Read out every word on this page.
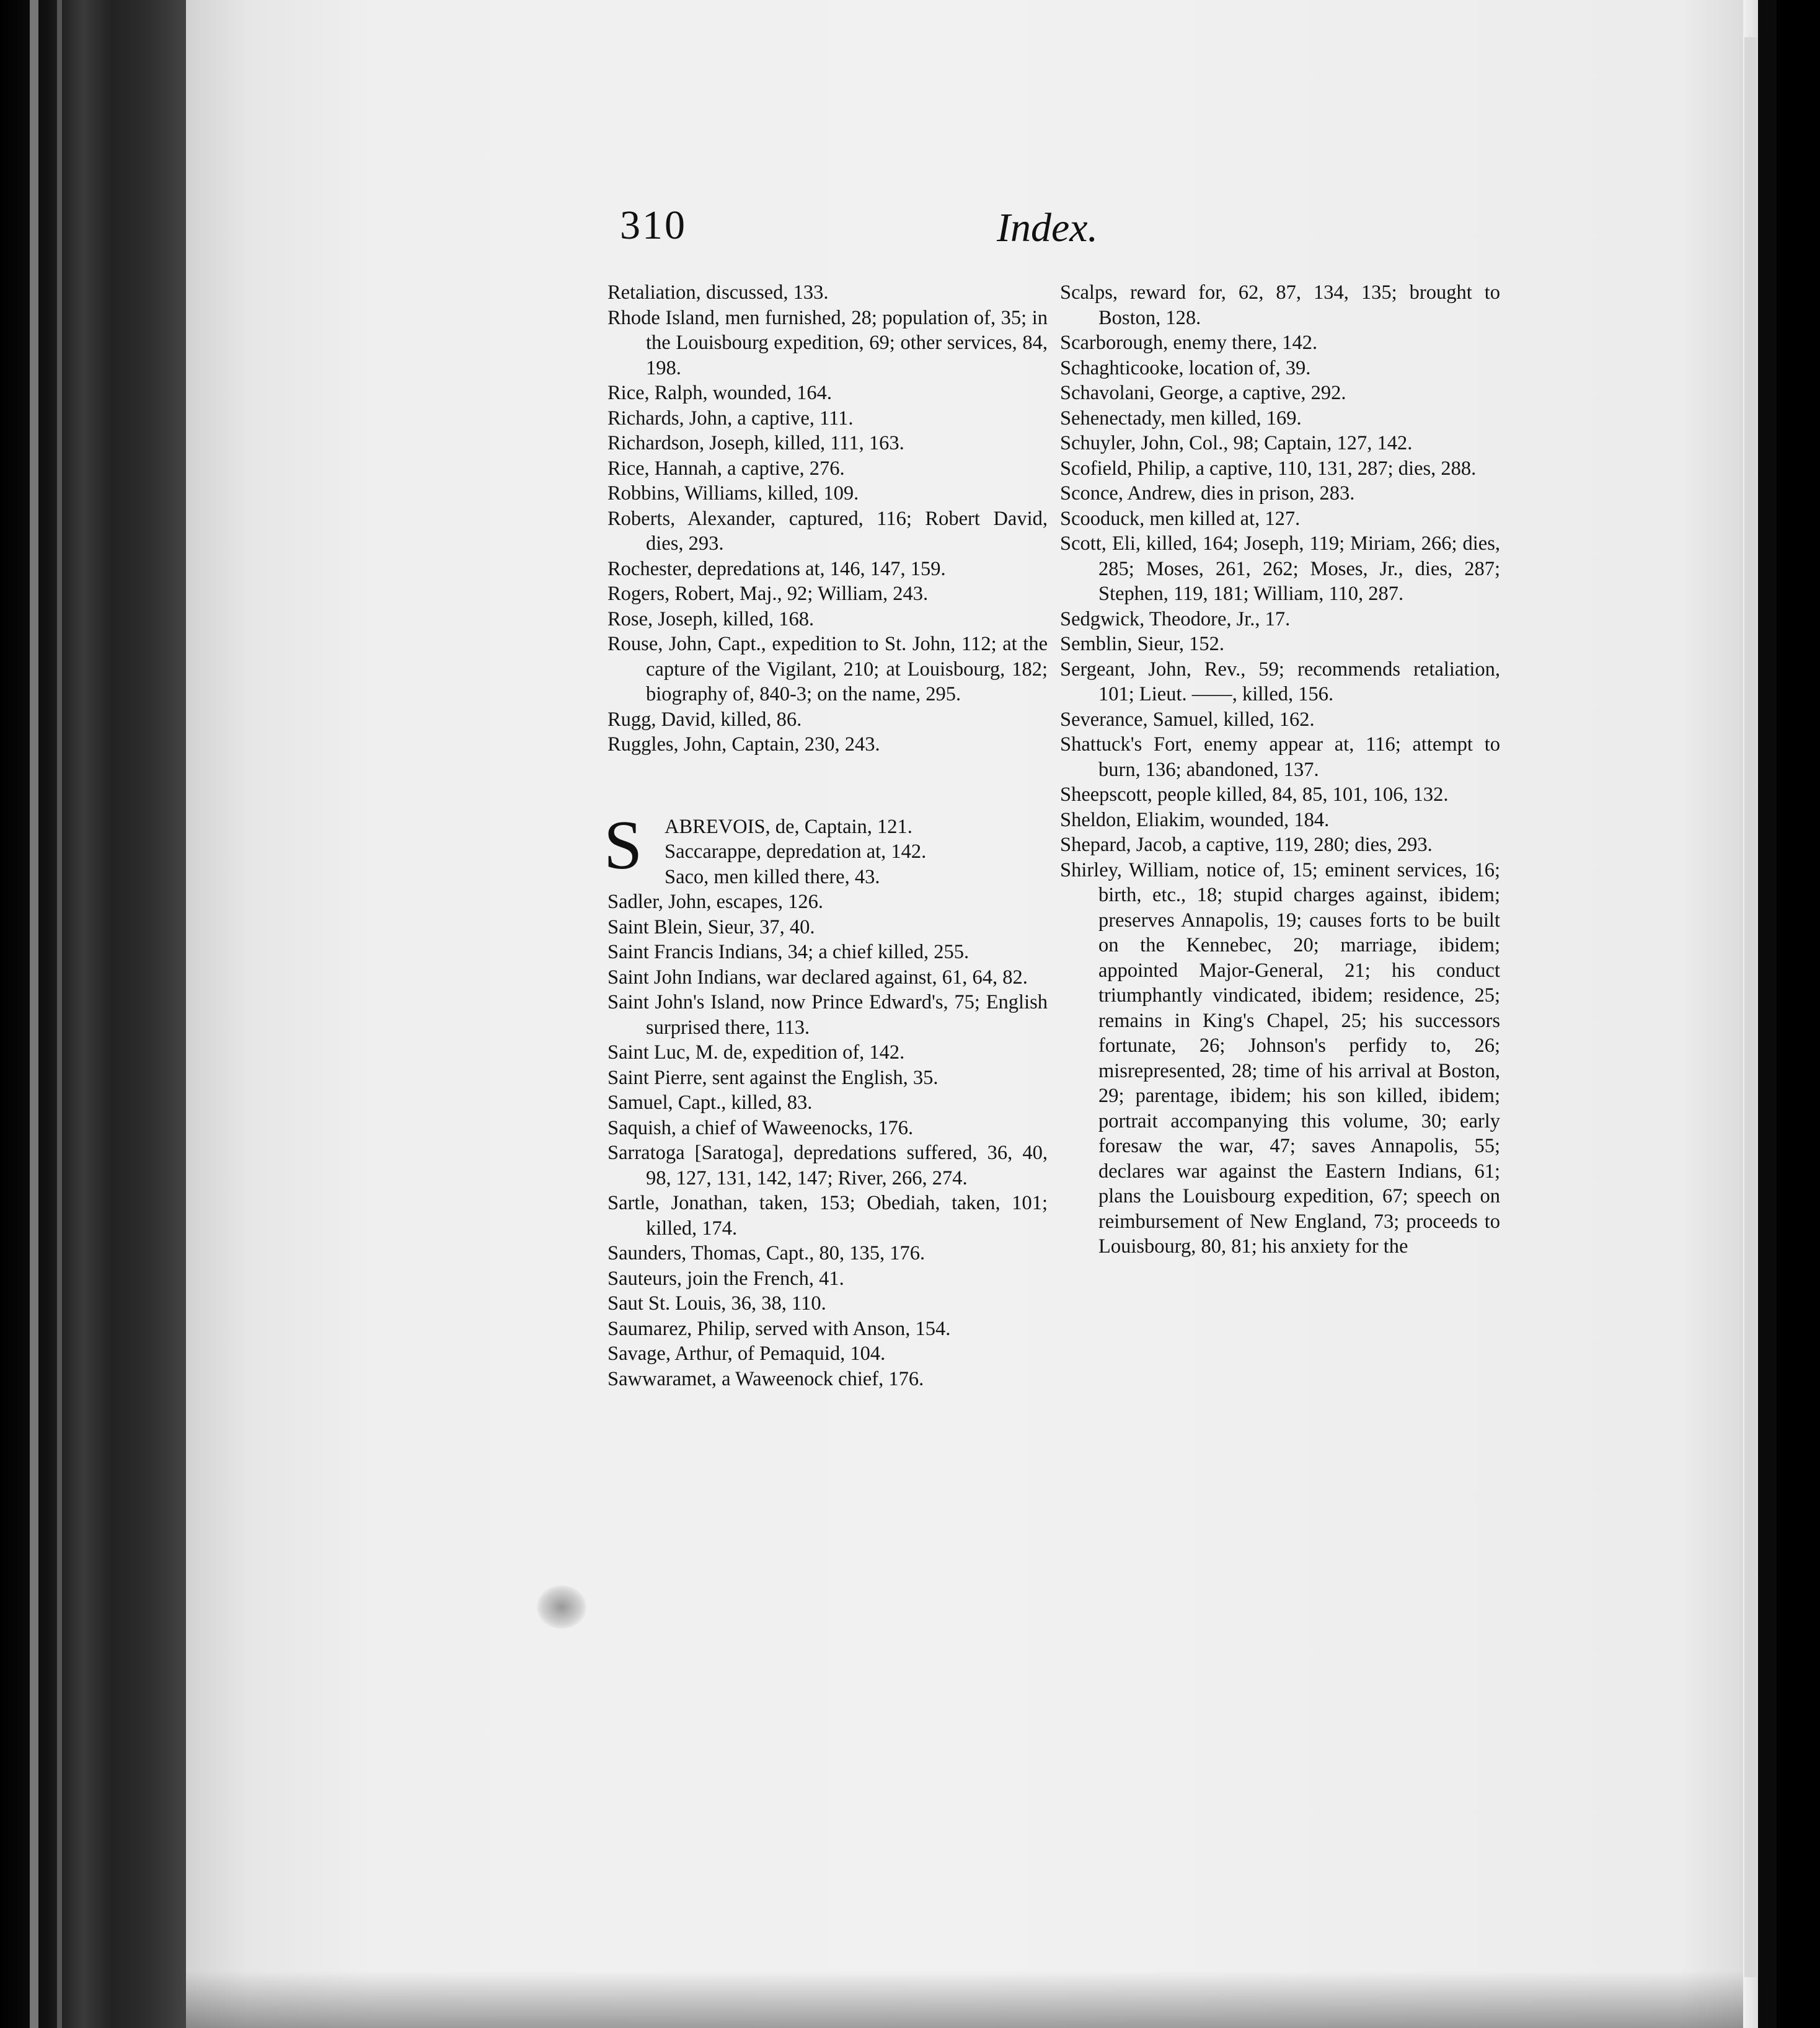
310	Index.

Retaliation, discussed, 133.

Rhode Island, men furnished, 28; population of, 35; in the Louisbourg expedition, 69; other services, 84, 198.

Rice, Ralph, wounded, 164.

Richards, John, a captive, 111.

Richardson, Joseph, killed, 111, 163.

Rice, Hannah, a captive, 276.

Robbins, Williams, killed, 109.

Roberts, Alexander, captured, 116; Robert David, dies, 293.

Rochester, depredations at, 146, 147, 159.

Rogers, Robert, Maj., 92; William, 243.

Rose, Joseph, killed, 168.

Rouse, John, Capt., expedition to St. John, 112; at the capture of the Vigilant, 210; at Louisbourg, 182; biography of, 840-3; on the name, 295.

Rugg, David, killed, 86.

Ruggles, John, Captain, 230, 243.

S ABREVOIS, de, Captain, 121.

Saccarappe, depredation at, 142.

Saco, men killed there, 43.

Sadler, John, escapes, 126.

Saint Blein, Sieur, 37, 40.

Saint Francis Indians, 34; a chief killed, 255.

Saint John Indians, war declared against, 61, 64, 82.

Saint John's Island, now Prince Edward's, 75; English surprised there, 113.

Saint Luc, M. de, expedition of, 142.

Saint Pierre, sent against the English, 35.

Samuel, Capt., killed, 83.

Saquish, a chief of Waweenocks, 176.

Sarratoga [Saratoga], depredations suffered, 36, 40, 98, 127, 131, 142, 147; River, 266, 274.

Sartle, Jonathan, taken, 153; Obediah, taken, 101; killed, 174.

Saunders, Thomas, Capt., 80, 135, 176.

Sauteurs, join the French, 41.

Saut St. Louis, 36, 38, 110.

Saumarez, Philip, served with Anson, 154.

Savage, Arthur, of Pemaquid, 104.

Sawwaramet, a Waweenock chief, 176.

Scalps, reward for, 62, 87, 134, 135; brought to Boston, 128.

Scarborough, enemy there, 142.

Schaghticooke, location of, 39.

Schavolani, George, a captive, 292.

Sehenectady, men killed, 169.

Schuyler, John, Col., 98; Captain, 127, 142.

Scofield, Philip, a captive, 110, 131, 287; dies, 288.

Sconce, Andrew, dies in prison, 283.

Scooduck, men killed at, 127.

Scott, Eli, killed, 164; Joseph, 119; Miriam, 266; dies, 285; Moses, 261, 262; Moses, Jr., dies, 287; Stephen, 119, 181; William, 110, 287.

Sedgwick, Theodore, Jr., 17.

Semblin, Sieur, 152.

Sergeant, John, Rev., 59; recommends retaliation, 101; Lieut. ——, killed, 156.

Severance, Samuel, killed, 162.

Shattuck's Fort, enemy appear at, 116; attempt to burn, 136; abandoned, 137.

Sheepscott, people killed, 84, 85, 101, 106, 132.

Sheldon, Eliakim, wounded, 184.

Shepard, Jacob, a captive, 119, 280; dies, 293.

Shirley, William, notice of, 15; eminent services, 16; birth, etc., 18; stupid charges against, ibidem; preserves Annapolis, 19; causes forts to be built on the Kennebec, 20; marriage, ibidem; appointed Major-General, 21; his conduct triumphantly vindicated, ibidem; residence, 25; remains in King's Chapel, 25; his successors fortunate, 26; Johnson's perfidy to, 26; misrepresented, 28; time of his arrival at Boston, 29; parentage, ibidem; his son killed, ibidem; portrait accompanying this volume, 30; early foresaw the war, 47; saves Annapolis, 55; declares war against the Eastern Indians, 61; plans the Louisbourg expedition, 67; speech on reimbursement of New England, 73; proceeds to Louisbourg, 80, 81; his anxiety for the
